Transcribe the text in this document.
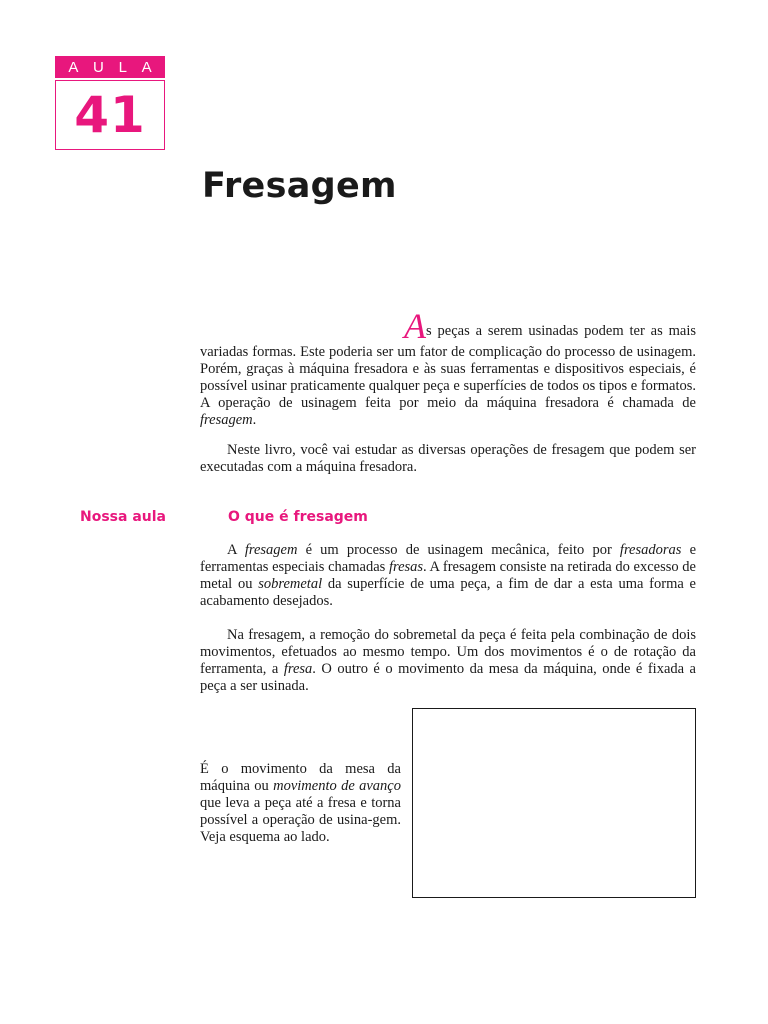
A U L A
41
Fresagem

As peças a serem usinadas podem ter as mais variadas formas. Este poderia ser um fator de complicação do processo de usinagem. Porém, graças à máquina fresadora e às suas ferramentas e dispositivos especiais, é possível usinar praticamente qualquer peça e superfícies de todos os tipos e formatos. A operação de usinagem feita por meio da máquina fresadora é chamada de fresagem.

Neste livro, você vai estudar as diversas operações de fresagem que podem ser executadas com a máquina fresadora.

Nossa aula	O que é fresagem

A fresagem é um processo de usinagem mecânica, feito por fresadoras e ferramentas especiais chamadas fresas. A fresagem consiste na retirada do excesso de metal ou sobremetal da superfície de uma peça, a fim de dar a esta uma forma e acabamento desejados.

Na fresagem, a remoção do sobremetal da peça é feita pela combinação de dois movimentos, efetuados ao mesmo tempo. Um dos movimentos é o de rotação da ferramenta, a fresa. O outro é o movimento da mesa da máquina, onde é fixada a peça a ser usinada.

É o movimento da mesa da máquina ou movimento de avanço que leva a peça até a fresa e torna possível a operação de usina-gem. Veja esquema ao lado.
